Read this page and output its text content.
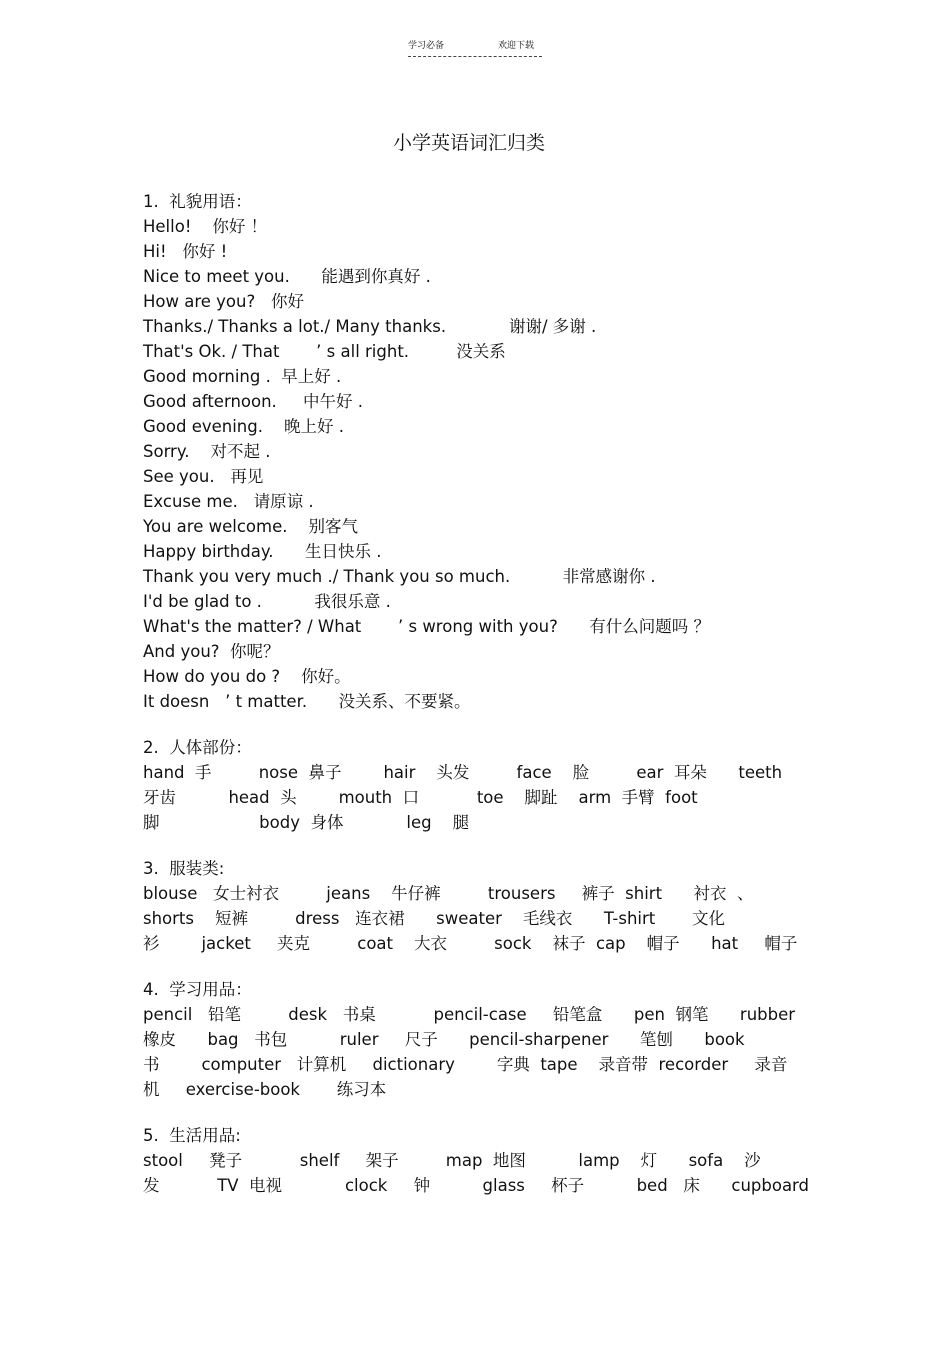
学习必备	欢迎下载
小学英语词汇归类
1.  礼貌用语：
Hello!    你好 ！
Hi!   你好 !
Nice to meet you.      能遇到你真好 .
How are you?   你好
Thanks./ Thanks a lot./ Many thanks.            谢谢/ 多谢 .
That's Ok. / That       ’ s all right.         没关系
Good morning .  早上好 .
Good afternoon.     中午好 .
Good evening.    晚上好 .
Sorry.    对不起 .
See you.   再见
Excuse me.   请原谅 .
You are welcome.    别客气
Happy birthday.      生日快乐 .
Thank you very much ./ Thank you so much.          非常感谢你 .
I'd be glad to .          我很乐意 .
What's the matter? / What       ’ s wrong with you?      有什么问题吗 ？
And you?  你呢？
How do you do ?    你好。
It doesn   ’ t matter.      没关系、不要紧。
2.  人体部份：
hand  手         nose  鼻子        hair    头发         face    脸         ear  耳朵      teeth
牙齿          head  头        mouth  口           toe    脚趾    arm  手臂  foot
脚                   body  身体            leg    腿
3.  服装类:
blouse   女士衬衣         jeans    牛仔裤         trousers     裤子  shirt      衬衣  、
shorts    短裤         dress   连衣裙      sweater    毛线衣      T-shirt       文化
衫        jacket     夹克         coat    大衣         sock    袜子  cap    帽子      hat     帽子
4.  学习用品：
pencil   铅笔         desk   书桌           pencil-case     铅笔盒      pen  钢笔      rubber
橡皮      bag   书包          ruler     尺子      pencil-sharpener      笔刨      book
书        computer   计算机     dictionary        字典  tape    录音带  recorder     录音
机     exercise-book       练习本
5.  生活用品:
stool     凳子           shelf     架子         map  地图          lamp    灯      sofa    沙
发           TV  电视            clock     钟          glass     杯子          bed   床      cupboard
